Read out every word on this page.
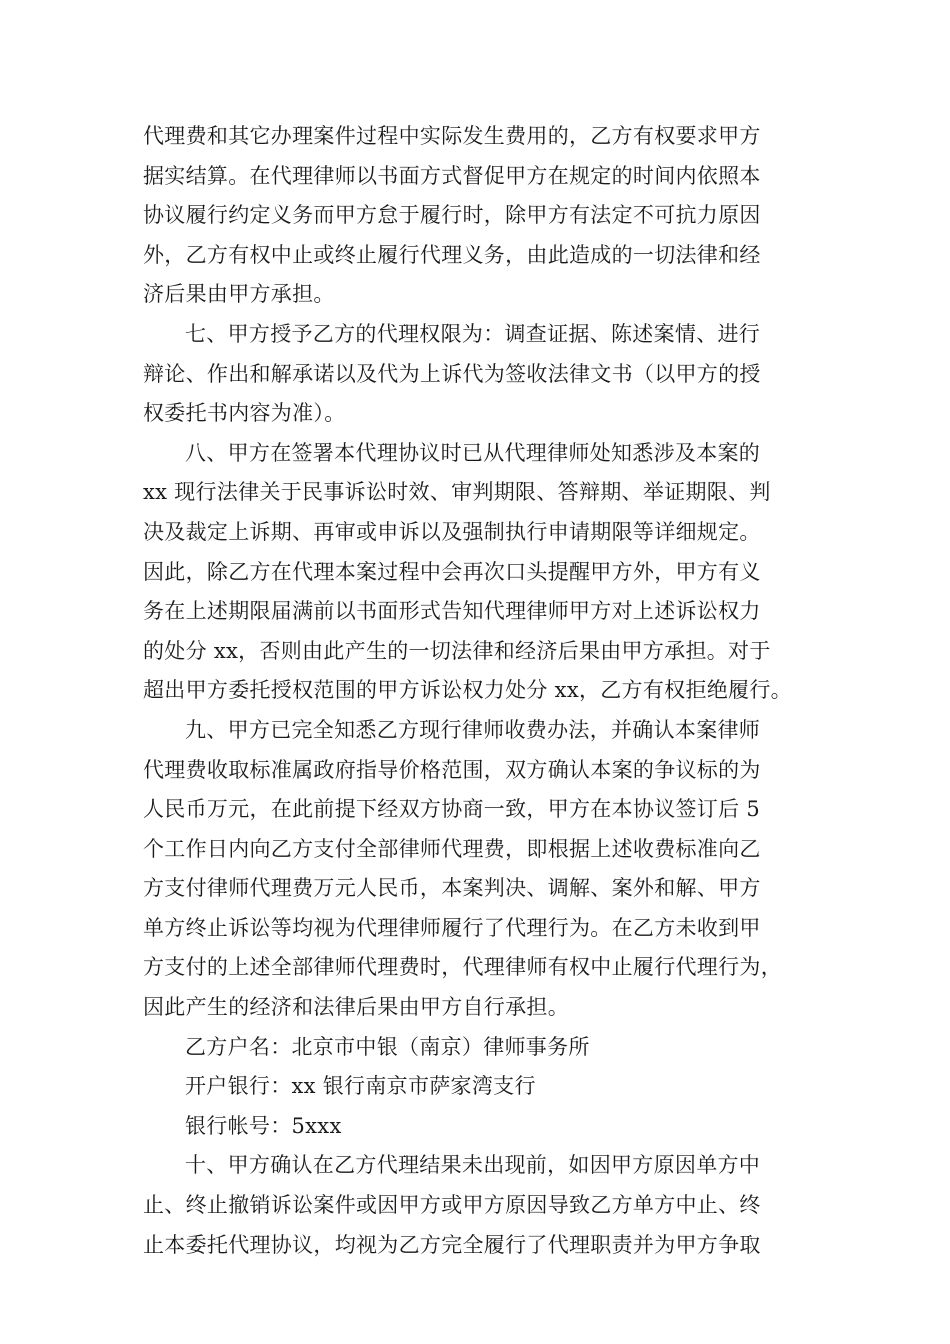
代理费和其它办理案件过程中实际发生费用的，乙方有权要求甲方
据实结算。在代理律师以书面方式督促甲方在规定的时间内依照本
协议履行约定义务而甲方怠于履行时，除甲方有法定不可抗力原因
外，乙方有权中止或终止履行代理义务，由此造成的一切法律和经
济后果由甲方承担。
七、甲方授予乙方的代理权限为：调查证据、陈述案情、进行
辩论、作出和解承诺以及代为上诉代为签收法律文书（以甲方的授
权委托书内容为准）。
八、甲方在签署本代理协议时已从代理律师处知悉涉及本案的
xx 现行法律关于民事诉讼时效、审判期限、答辩期、举证期限、判
决及裁定上诉期、再审或申诉以及强制执行申请期限等详细规定。
因此，除乙方在代理本案过程中会再次口头提醒甲方外，甲方有义
务在上述期限届满前以书面形式告知代理律师甲方对上述诉讼权力
的处分 xx，否则由此产生的一切法律和经济后果由甲方承担。对于
超出甲方委托授权范围的甲方诉讼权力处分 xx，乙方有权拒绝履行。
九、甲方已完全知悉乙方现行律师收费办法，并确认本案律师
代理费收取标准属政府指导价格范围，双方确认本案的争议标的为
人民币万元，在此前提下经双方协商一致，甲方在本协议签订后 5
个工作日内向乙方支付全部律师代理费，即根据上述收费标准向乙
方支付律师代理费万元人民币，本案判决、调解、案外和解、甲方
单方终止诉讼等均视为代理律师履行了代理行为。在乙方未收到甲
方支付的上述全部律师代理费时，代理律师有权中止履行代理行为，
因此产生的经济和法律后果由甲方自行承担。
乙方户名：北京市中银（南京）律师事务所
开户银行：xx 银行南京市萨家湾支行
银行帐号：5xxx
十、甲方确认在乙方代理结果未出现前，如因甲方原因单方中
止、终止撤销诉讼案件或因甲方或甲方原因导致乙方单方中止、终
止本委托代理协议，均视为乙方完全履行了代理职责并为甲方争取
